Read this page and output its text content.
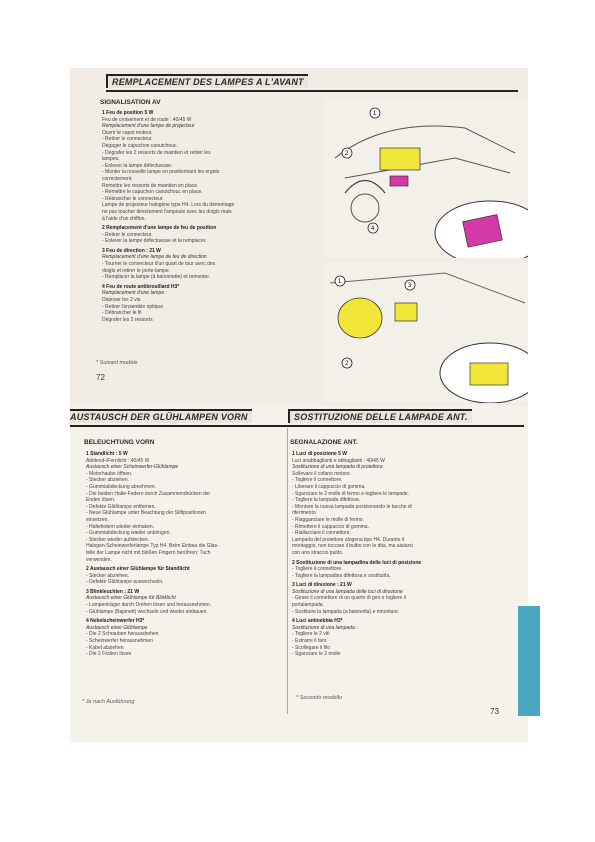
REMPLACEMENT DES LAMPES A L'AVANT
SIGNALISATION AV
1 Feu de position 5 W
Feu de croisement et de route : 40/45 W
Remplacement d'une lampe de projecteur
Ouvrir le capot moteur.
- Retirer le connecteur.
Dégager le capuchon caoutchouc.
- Dégrafer les 2 ressorts de maintien et retirer les
lampes.
- Enlever la lampe défectueuse.
- Monter la nouvelle lampe en positionnant les ergots
correctement.
Remettre les ressorts de maintien en place.
- Remettre le capuchon caoutchouc en place.
- Rebrancher le connecteur.
Lampe de projecteur halogène type H4. Lors du démontage
ne pas toucher directement l'ampoule avec les doigts mais
à l'aide d'un chiffon.
2 Remplacement d'une lampe de feu de position
- Retirer le connecteur.
- Enlever la lampe défectueuse et la remplacer.
3 Feu de direction : 21 W
Remplacement d'une lampe de feu de direction
- Tourner le connecteur d'un quart de tour avec des
doigts et retirer le porte-lampe.
- Remplacer la lampe (à baïonnette) et remonter.
4 Feu de route antibrouillard H3*
Remplacement d'une lampe :
Déposer les 2 vis
- Retirer l'ensemble optique
- Débrancher le fil
Dégrafer les 2 ressorts
* Suivant modèle
72
1
2
4
1
3
2
AUSTAUSCH DER GLÜHLAMPEN VORN	SOSTITUZIONE DELLE LAMPADE ANT.
BELEUCHTUNG VORN	SEGNALAZIONE ANT.
1 Standlicht : 5 W
Abblend-/Fernlicht : 40/45 W
Austausch einer Scheinwerfer-Glühlampe
- Motorhaube öffnen.
- Stecker abziehen.
- Gummiabdeckung abnehmen.
- Die beiden Halte-Federn durch Zusammendrücken der
Enden lösen.
- Defekte Glühlampe entfernen.
- Neue Glühlampe unter Beachtung der Stiftpositionen
einsetzen.
- Haltefedern wieder einhaken.
- Gummiabdeckung wieder anbringen.
- Stecker wieder aufstecken.
Halogen-Scheinwerferlampe Typ H4. Beim Einbau die Glas-
teile der Lampe nicht mit bloßen Fingern berühren; Tuch
verwenden.
2 Austausch einer Glühlampe für Standlicht
- Stecker abziehen.
- Defekte Glühlampe auswechseln.
3 Blinkleuchten : 21 W
Austausch einer Glühlampe für Blinklicht
- Lampenträger durch Drehen lösen und herausnehmen.
- Glühlampe (Bajonett) wechseln und wieder einbauen.
4 Nebelscheinwerfer H3*
Austausch einer Glühlampe
- Die 2 Schrauben herausdrehen
- Scheinwerfer herausnehmen
- Kabel abziehen
- Die 2 Federn lösen
1 Luci di posizione 5 W
Luci anabbaglianti e abbaglianti : 40/45 W
Sostituzione di una lampada di proiettore
Sollevare il cofano motore.
- Togliere il connettore.
- Liberare il cappuccio di gomma.
- Sganciare le 2 molle di fermo e togliere le lampade.
- Togliere la lampada difettosa.
- Montare la nuova lampada posizionando le tacche di
riferimento.
- Riagganciare le molle di fermo.
- Rimettere il cappuccio di gomma.
- Riallacciare il connettore.
Lampada del proiettore alogena tipo H4. Durante il
montaggio, non toccare il bulbo con le dita, ma aiutarsi
con uno straccio pulito.
2 Sostituzione di una lampadina delle luci di posizione
- Togliere il connettore.
- Togliere la lampadina difettosa e sostituirla.
3 Luci di direzione : 21 W
Sostituzione di una lampada delle luci di direzione
- Girare il connettore di un quarto di giro e togliere il
portalampada.
- Sostituire la lampada (a baionetta) e rimontare.
4 Luci antinebbia H3*
Sostituzione di una lampada :
- Togliere le 2 viti
- Estrarre il faro
- Scollegare il filo
- Sganciare le 2 molle
* Je nach Ausführung
* Secondo modello
73
